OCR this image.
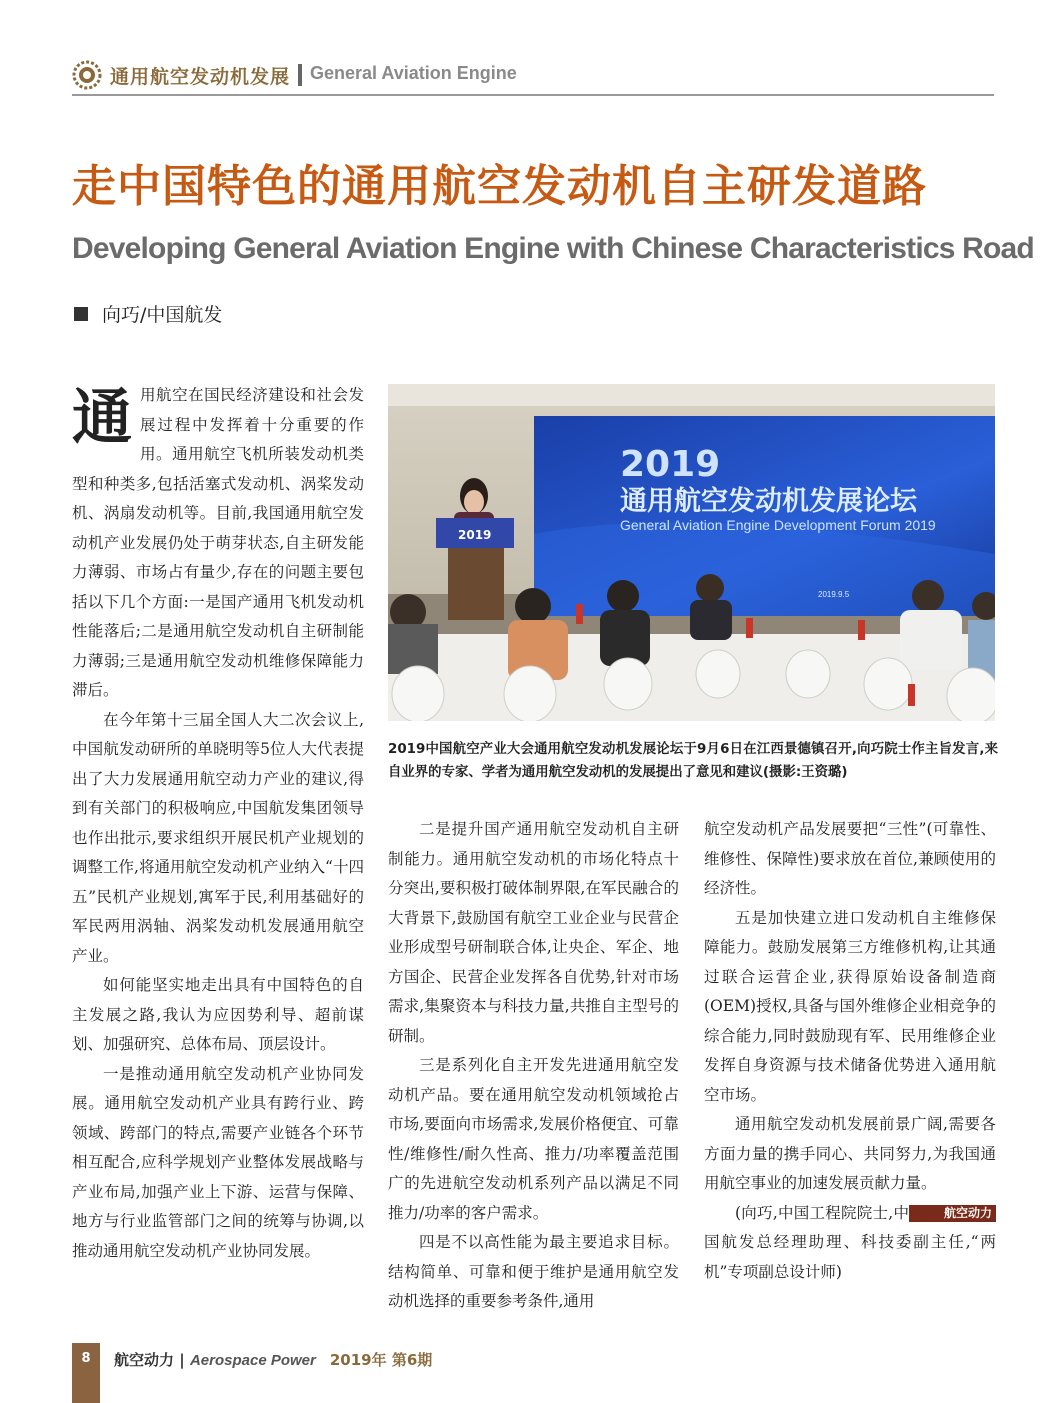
通用航空发动机发展 General Aviation Engine
走中国特色的通用航空发动机自主研发道路
Developing General Aviation Engine with Chinese Characteristics Road
向巧/中国航发

通用航空在国民经济建设和社会发展过程中发挥着十分重要的作用。通用航空飞机所装发动机类型和种类多,包括活塞式发动机、涡桨发动机、涡扇发动机等。目前,我国通用航空发动机产业发展仍处于萌芽状态,自主研发能力薄弱、市场占有量少,存在的问题主要包括以下几个方面:一是国产通用飞机发动机性能落后;二是通用航空发动机自主研制能力薄弱;三是通用航空发动机维修保障能力滞后。

在今年第十三届全国人大二次会议上,中国航发动研所的单晓明等5位人大代表提出了大力发展通用航空动力产业的建议,得到有关部门的积极响应,中国航发集团领导也作出批示,要求组织开展民机产业规划的调整工作,将通用航空发动机产业纳入“十四五”民机产业规划,寓军于民,利用基础好的军民两用涡轴、涡桨发动机发展通用航空产业。

如何能坚实地走出具有中国特色的自主发展之路,我认为应因势利导、超前谋划、加强研究、总体布局、顶层设计。

一是推动通用航空发动机产业协同发展。通用航空发动机产业具有跨行业、跨领域、跨部门的特点,需要产业链各个环节相互配合,应科学规划产业整体发展战略与产业布局,加强产业上下游、运营与保障、地方与行业监管部门之间的统筹与协调,以推动通用航空发动机产业协同发展。

2019
通用航空发动机发展论坛
General Aviation Engine Development Forum 2019
2019.9.5
2019
2019中国航空产业大会通用航空发动机发展论坛于9月6日在江西景德镇召开,向巧院士作主旨发言,来自业界的专家、学者为通用航空发动机的发展提出了意见和建议(摄影:王资璐)

二是提升国产通用航空发动机自主研制能力。通用航空发动机的市场化特点十分突出,要积极打破体制界限,在军民融合的大背景下,鼓励国有航空工业企业与民营企业形成型号研制联合体,让央企、军企、地方国企、民营企业发挥各自优势,针对市场需求,集聚资本与科技力量,共推自主型号的研制。

三是系列化自主开发先进通用航空发动机产品。要在通用航空发动机领域抢占市场,要面向市场需求,发展价格便宜、可靠性/维修性/耐久性高、推力/功率覆盖范围广的先进航空发动机系列产品以满足不同推力/功率的客户需求。

四是不以高性能为最主要追求目标。结构简单、可靠和便于维护是通用航空发动机选择的重要参考条件,通用

航空发动机产品发展要把“三性”(可靠性、维修性、保障性)要求放在首位,兼顾使用的经济性。

五是加快建立进口发动机自主维修保障能力。鼓励发展第三方维修机构,让其通过联合运营企业,获得原始设备制造商(OEM)授权,具备与国外维修企业相竞争的综合能力,同时鼓励现有军、民用维修企业发挥自身资源与技术储备优势进入通用航空市场。

通用航空发动机发展前景广阔,需要各方面力量的携手同心、共同努力,为我国通用航空事业的加速发展贡献力量。
航空动力

(向巧,中国工程院院士,中国航发总经理助理、科技委副主任,“两机”专项副总设计师)

8	航空动力 | Aerospace Power 2019年 第6期
